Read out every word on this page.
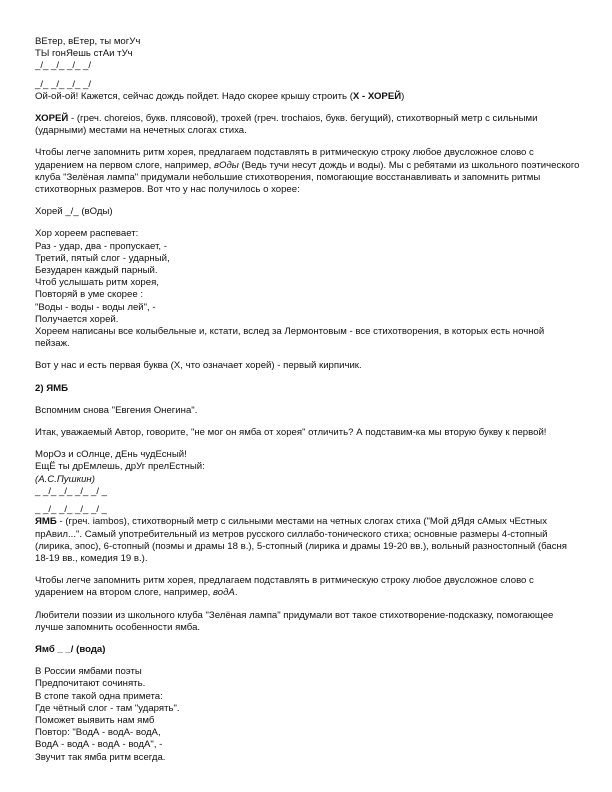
ВЕтер, вЕтер, ты могУч
ТЫ гонЯешь стАи тУч
_/_ _/_ _/_ _/
_/_ _/_ _/_ _/

Ой-ой-ой! Кажется, сейчас дождь пойдет. Надо скорее крышу строить (Х - ХОРЕЙ)

ХОРЕЙ - (греч. choreios, букв. плясовой), трохей (греч. trochaios, букв. бегущий), стихотворный метр с сильными (ударными) местами на нечетных слогах стиха.

Чтобы легче запомнить ритм хорея, предлагаем подставлять в ритмическую строку любое двусложное слово с ударением на первом слоге, например, вОды (Ведь тучи несут дождь и воды). Мы с ребятами из школьного поэтического клуба "Зелёная лампа" придумали небольшие стихотворения, помогающие восстанавливать и запомнить ритмы стихотворных размеров. Вот что у нас получилось о хорее:

Хорей _/_ (вОды)

Хор хореем распевает:
Раз - удар, два - пропускает, -
Третий, пятый слог - ударный,
Безударен каждый парный.
Чтоб услышать ритм хорея,
Повторяй в уме скорее :
"Воды - воды - воды лей", -
Получается хорей.

Хореем написаны все колыбельные и, кстати, вслед за Лермонтовым - все стихотворения, в которых есть ночной пейзаж.

Вот у нас и есть первая буква (Х, что означает хорей) - первый кирпичик.

2) ЯМБ

Вспомним снова "Евгения Онегина".

Итак, уважаемый Автор, говорите, "не мог он ямба от хорея" отличить? А подставим-ка мы вторую букву к первой!

МорОз и сОлнце, дЕнь чудЕсный!
ЕщЁ ты дрЕмлешь, дрУг прелЕстный:
(А.С.Пушкин)
_ _/_ _/_ _/_ _/ _
_ _/_ _/_ _/_ _/ _

ЯМБ - (греч. iambos), стихотворный метр с сильными местами на четных слогах стиха ("Мой дЯдя сАмых чЕстных прАвил...". Самый употребительный из метров русского силлабо-тонического стиха; основные размеры 4-стопный (лирика, эпос), 6-стопный (поэмы и драмы 18 в.), 5-стопный (лирика и драмы 19-20 вв.), вольный разностопный (басня 18-19 вв., комедия 19 в.).

Чтобы легче запомнить ритм хорея, предлагаем подставлять в ритмическую строку любое двусложное слово с ударением на втором слоге, например, водА.

Любители поэзии из школьного клуба "Зелёная лампа" придумали вот такое стихотворение-подсказку, помогающее лучше запомнить особенности ямба.

Ямб _ _/ (вода)

В России ямбами поэты
Предпочитают сочинять.
В стопе такой одна примета:
Где чётный слог - там "ударять".
Поможет выявить нам ямб
Повтор: "ВодА - водА- водА,
ВодА - водА - водА - водА", -
Звучит так ямба ритм всегда.
